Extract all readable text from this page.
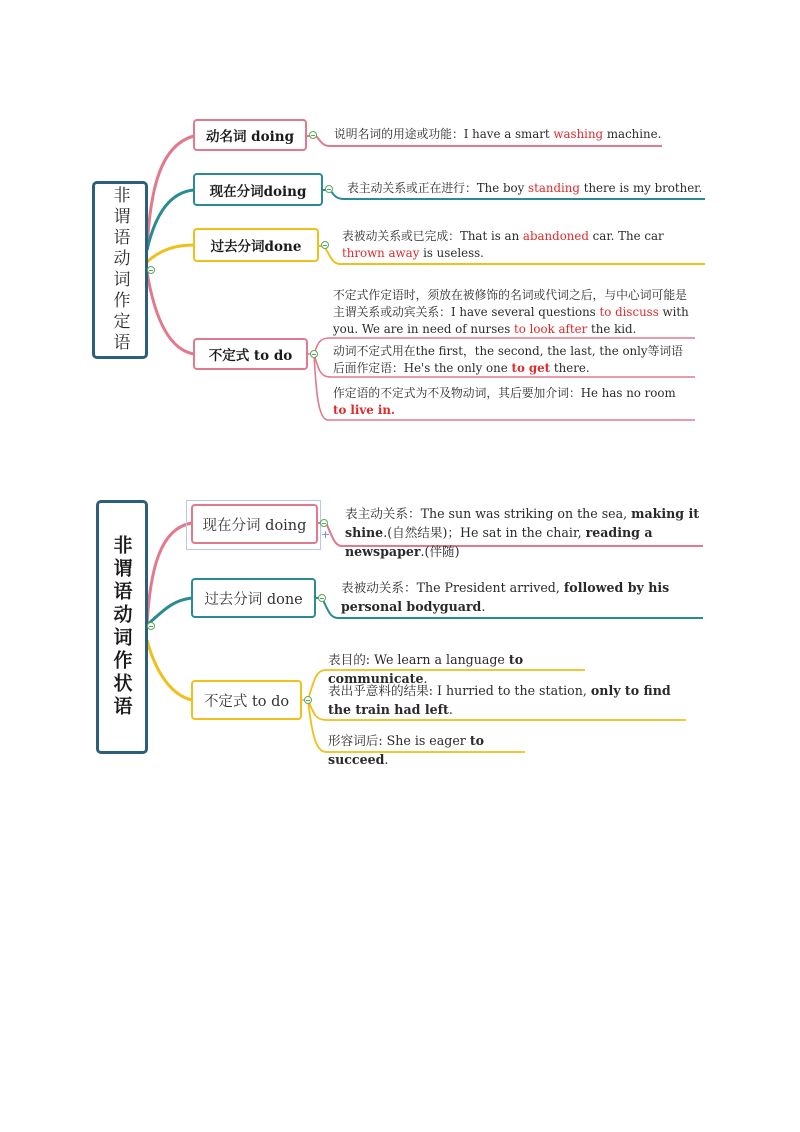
非谓语动词作定语
动名词 doing	说明名词的用途或功能：I have a smart washing machine.
现在分词doing	表主动关系或正在进行：The boy standing there is my brother.
过去分词done
表被动关系或已完成：That is an abandoned car. The car thrown away is useless.
不定式 to do
不定式作定语时，须放在被修饰的名词或代词之后，与中心词可能是主谓关系或动宾关系：I have several questions to discuss with you. We are in need of nurses to look after the kid.
动词不定式用在the first，the second, the last, the only等词语后面作定语：He's the only one to get there.
作定语的不定式为不及物动词，其后要加介词：He has no room to live in.
非谓语动词作状语
现在分词 doing
+
表主动关系：The sun was striking on the sea, making it shine.(自然结果)；He sat in the chair, reading a newspaper.(伴随)
过去分词 done
表被动关系：The President arrived, followed by his personal bodyguard.
不定式 to do
表目的: We learn a language to communicate.
表出乎意料的结果: I hurried to the station, only to find the train had left.
形容词后: She is eager to succeed.
